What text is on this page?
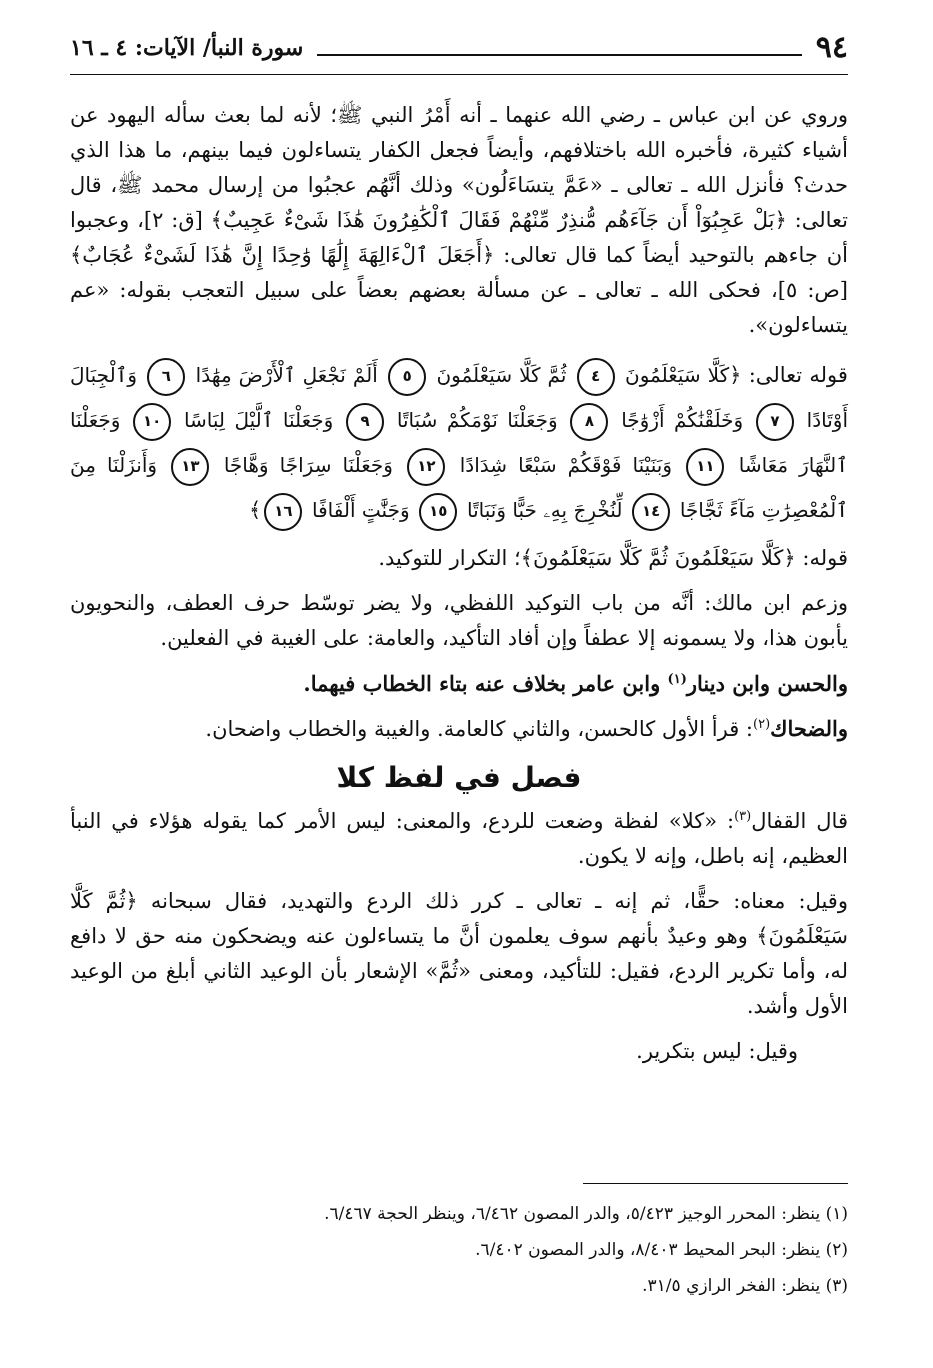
٩٤
سورة النبأ/ الآيات: ٤ ـ ١٦

وروي عن ابن عباس ـ رضي الله عنهما ـ أنه أَمْرُ النبي ﷺ؛ لأنه لما بعث سأله اليهود عن أشياء كثيرة، فأخبره الله باختلافهم، وأيضاً فجعل الكفار يتساءلون فيما بينهم، ما هذا الذي حدث؟ فأنزل الله ـ تعالى ـ «عَمَّ يتسَاءَلُون» وذلك أنَّهُم عجبُوا من إرسال محمد ﷺ، قال تعالى: ﴿بَلْ عَجِبُوٓاْ أَن جَآءَهُم مُّنذِرٌ مِّنْهُمْ فَقَالَ ٱلْكَٰفِرُونَ هَٰذَا شَىْءٌ عَجِيبٌ﴾ [ق: ٢]، وعجبوا أن جاءهم بالتوحيد أيضاً كما قال تعالى: ﴿أَجَعَلَ ٱلْءَالِهَةَ إِلَٰهًا وَٰحِدًا إِنَّ هَٰذَا لَشَىْءٌ عُجَابٌ﴾ [ص: ٥]، فحكى الله ـ تعالى ـ عن مسألة بعضهم بعضاً على سبيل التعجب بقوله: «عم يتساءلون».

قوله تعالى: ﴿كَلَّا سَيَعْلَمُونَ ٤ ثُمَّ كَلَّا سَيَعْلَمُونَ ٥ أَلَمْ نَجْعَلِ ٱلْأَرْضَ مِهَٰدًا ٦ وَٱلْجِبَالَ أَوْتَادًا ٧ وَخَلَقْنَٰكُمْ أَزْوَٰجًا ٨ وَجَعَلْنَا نَوْمَكُمْ سُبَاتًا ٩ وَجَعَلْنَا ٱلَّيْلَ لِبَاسًا ١٠ وَجَعَلْنَا ٱلنَّهَارَ مَعَاشًا ١١ وَبَنَيْنَا فَوْقَكُمْ سَبْعًا شِدَادًا ١٢ وَجَعَلْنَا سِرَاجًا وَهَّاجًا ١٣ وَأَنزَلْنَا مِنَ ٱلْمُعْصِرَٰتِ مَآءً ثَجَّاجًا ١٤ لِّنُخْرِجَ بِهِۦ حَبًّا وَنَبَاتًا ١٥ وَجَنَّٰتٍ أَلْفَافًا ١٦﴾

قوله: ﴿كَلَّا سَيَعْلَمُونَ ثُمَّ كَلَّا سَيَعْلَمُونَ﴾؛ التكرار للتوكيد.

وزعم ابن مالك: أنَّه من باب التوكيد اللفظي، ولا يضر توسّط حرف العطف، والنحويون يأبون هذا، ولا يسمونه إلا عطفاً وإن أفاد التأكيد، والعامة: على الغيبة في الفعلين.

والحسن وابن دينار$^{(١)}$ وابن عامر بخلاف عنه بتاء الخطاب فيهما.

والضحاك$^{(٢)}$: قرأ الأول كالحسن، والثاني كالعامة. والغيبة والخطاب واضحان.

فصل في لفظ كلا

قال القفال$^{(٣)}$: «كلا» لفظة وضعت للردع، والمعنى: ليس الأمر كما يقوله هؤلاء في النبأ العظيم، إنه باطل، وإنه لا يكون.

وقيل: معناه: حقًّا، ثم إنه ـ تعالى ـ كرر ذلك الردع والتهديد، فقال سبحانه ﴿ثُمَّ كَلَّا سَيَعْلَمُونَ﴾ وهو وعيدٌ بأنهم سوف يعلمون أنَّ ما يتساءلون عنه ويضحكون منه حق لا دافع له، وأما تكرير الردع، فقيل: للتأكيد، ومعنى «ثُمَّ» الإشعار بأن الوعيد الثاني أبلغ من الوعيد الأول وأشد.

وقيل: ليس بتكرير.

(١) ينظر: المحرر الوجيز ٥/٤٢٣، والدر المصون ٦/٤٦٢، وينظر الحجة ٦/٤٦٧.
(٢) ينظر: البحر المحيط ٨/٤٠٣، والدر المصون ٦/٤٠٢.
(٣) ينظر: الفخر الرازي ٣١/٥.
